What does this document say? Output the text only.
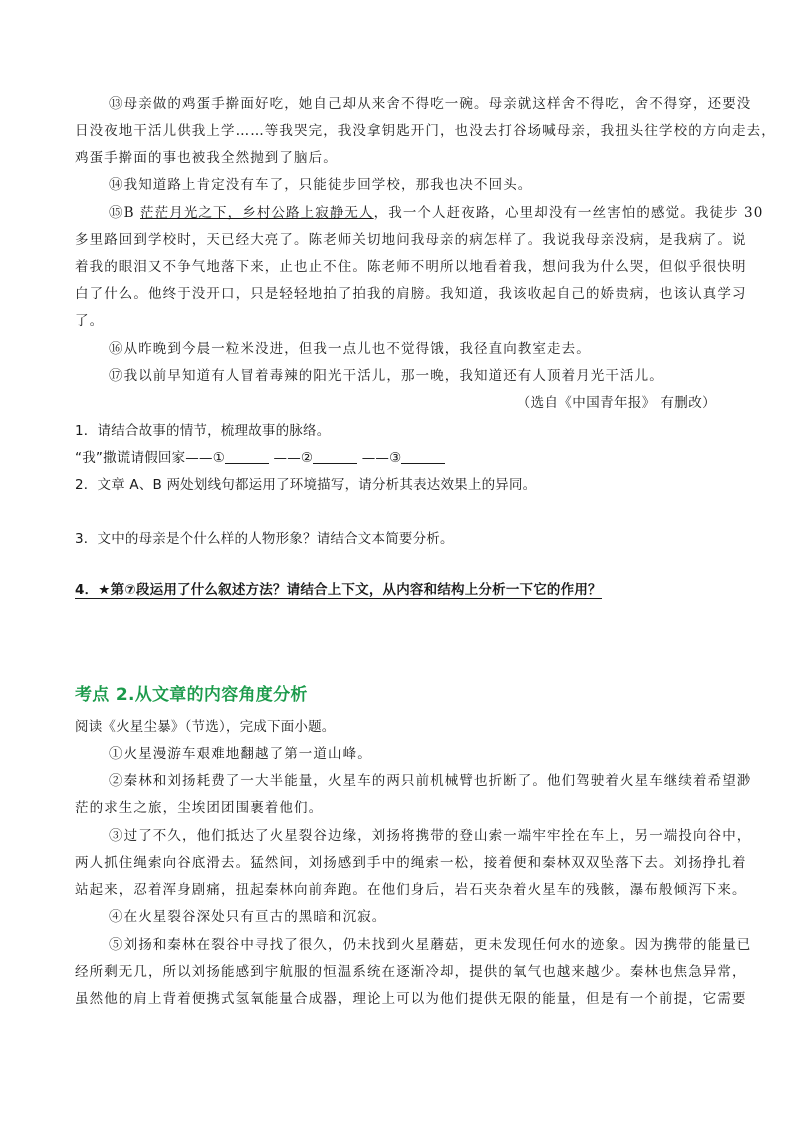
⑬母亲做的鸡蛋手擀面好吃，她自己却从来舍不得吃一碗。母亲就这样舍不得吃，舍不得穿，还要没
日没夜地干活儿供我上学……等我哭完，我没拿钥匙开门，也没去打谷场喊母亲，我扭头往学校的方向走去，
鸡蛋手擀面的事也被我全然抛到了脑后。
⑭我知道路上肯定没有车了，只能徒步回学校，那我也决不回头。
⑮B 茫茫月光之下，乡村公路上寂静无人，我一个人赶夜路，心里却没有一丝害怕的感觉。我徒步 30
多里路回到学校时，天已经大亮了。陈老师关切地问我母亲的病怎样了。我说我母亲没病，是我病了。说
着我的眼泪又不争气地落下来，止也止不住。陈老师不明所以地看着我，想问我为什么哭，但似乎很快明
白了什么。他终于没开口，只是轻轻地拍了拍我的肩膀。我知道，我该收起自己的娇贵病，也该认真学习
了。
⑯从昨晚到今晨一粒米没进，但我一点儿也不觉得饿，我径直向教室走去。
⑰我以前早知道有人冒着毒辣的阳光干活儿，那一晚，我知道还有人顶着月光干活儿。
（选自《中国青年报》 有删改）
1．请结合故事的情节，梳理故事的脉络。
“我”撒谎请假回家——①	——②	——③
2．文章 A、B 两处划线句都运用了环境描写，请分析其表达效果上的异同。
3．文中的母亲是个什么样的人物形象？请结合文本简要分析。
4．★第⑦段运用了什么叙述方法？请结合上下文，从内容和结构上分析一下它的作用？
考点 2.从文章的内容角度分析
阅读《火星尘暴》（节选），完成下面小题。
①火星漫游车艰难地翻越了第一道山峰。
②秦林和刘扬耗费了一大半能量，火星车的两只前机械臂也折断了。他们驾驶着火星车继续着希望渺
茫的求生之旅，尘埃团团围裹着他们。
③过了不久，他们抵达了火星裂谷边缘，刘扬将携带的登山索一端牢牢拴在车上，另一端投向谷中，
两人抓住绳索向谷底滑去。猛然间，刘扬感到手中的绳索一松，接着便和秦林双双坠落下去。刘扬挣扎着
站起来，忍着浑身剧痛，扭起秦林向前奔跑。在他们身后，岩石夹杂着火星车的残骸，瀑布般倾泻下来。
④在火星裂谷深处只有亘古的黑暗和沉寂。
⑤刘扬和秦林在裂谷中寻找了很久，仍未找到火星蘑菇，更未发现任何水的迹象。因为携带的能量已
经所剩无几，所以刘扬能感到宇航服的恒温系统在逐渐冷却，提供的氧气也越来越少。秦林也焦急异常，
虽然他的肩上背着便携式氢氧能量合成器，理论上可以为他们提供无限的能量，但是有一个前提，它需要
